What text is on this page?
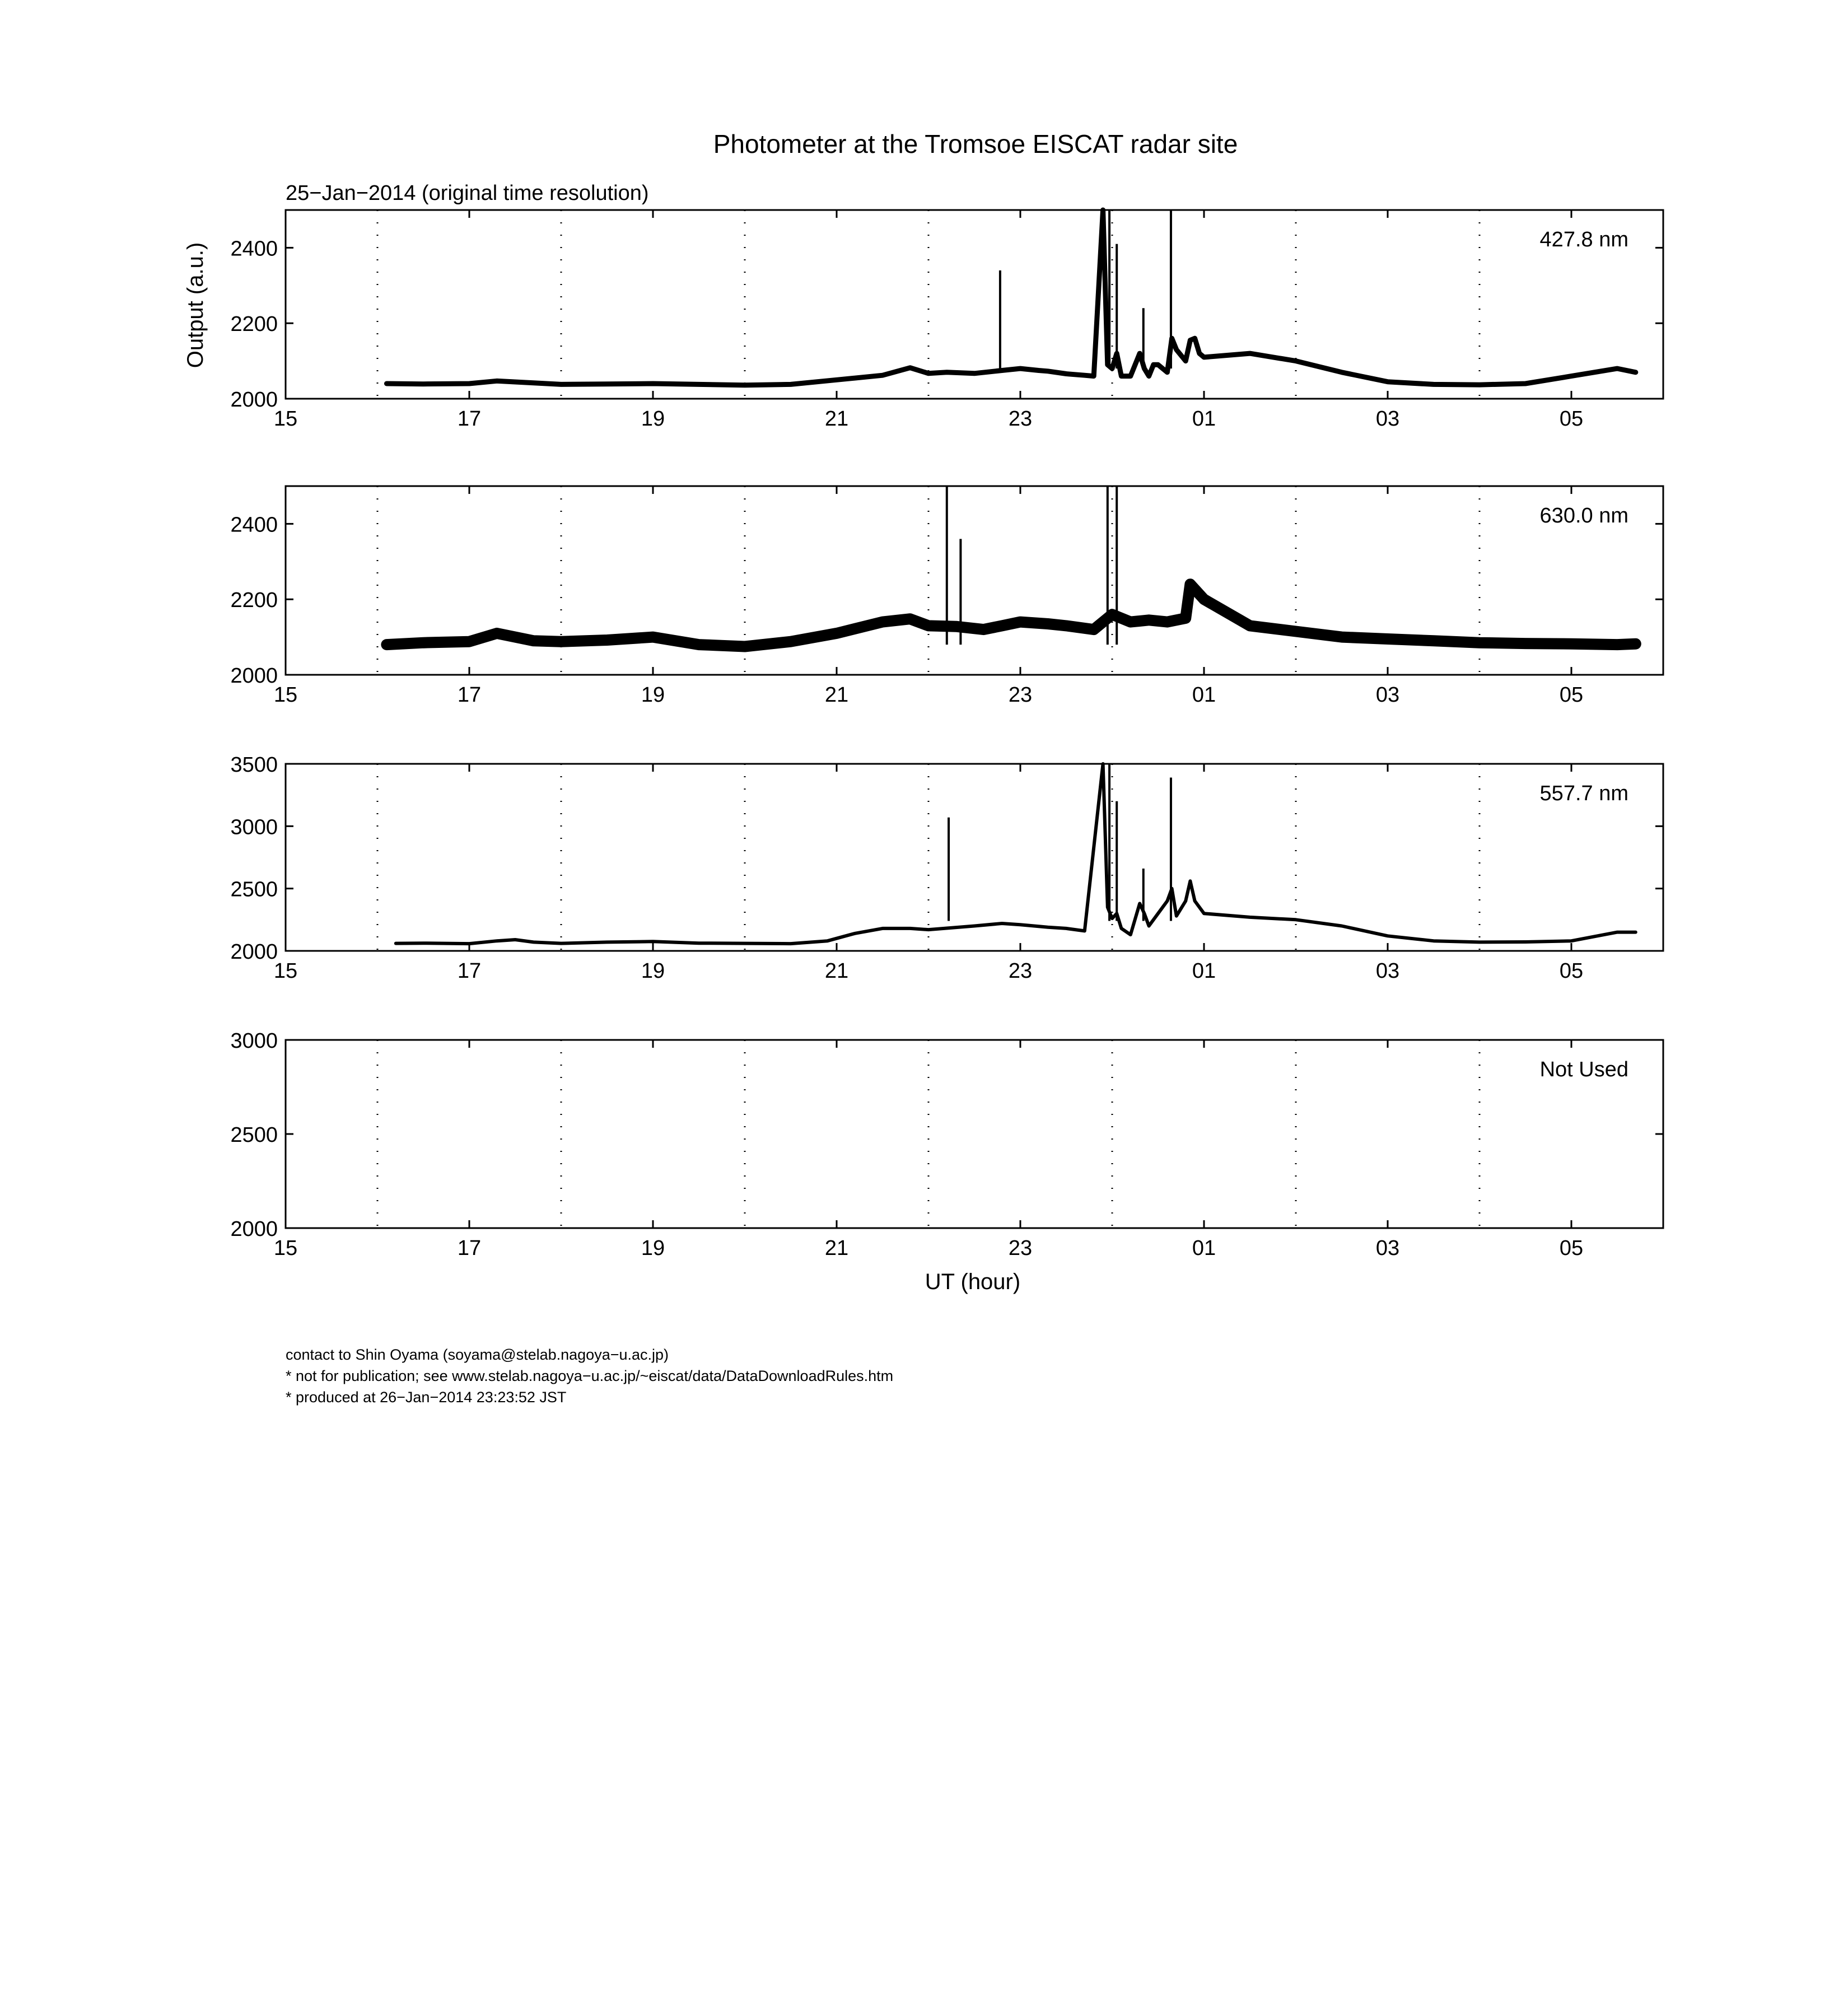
Photometer at the Tromsoe EISCAT radar site
25−Jan−2014 (original time resolution)
Output (a.u.)
UT (hour)
15	17	19	21	23	01	03	05
2000
2200
2400	427.8 nm
15	17	19	21	23	01	03	05
2000
2200
2400	630.0 nm
15	17	19	21	23	01	03	05
2000
2500
3000
3500
557.7 nm
15	17	19	21	23	01	03	05
2000
2500
3000
Not Used
contact to Shin Oyama (soyama@stelab.nagoya−u.ac.jp)
* not for publication; see www.stelab.nagoya−u.ac.jp/~eiscat/data/DataDownloadRules.htm
* produced at 26−Jan−2014 23:23:52 JST
